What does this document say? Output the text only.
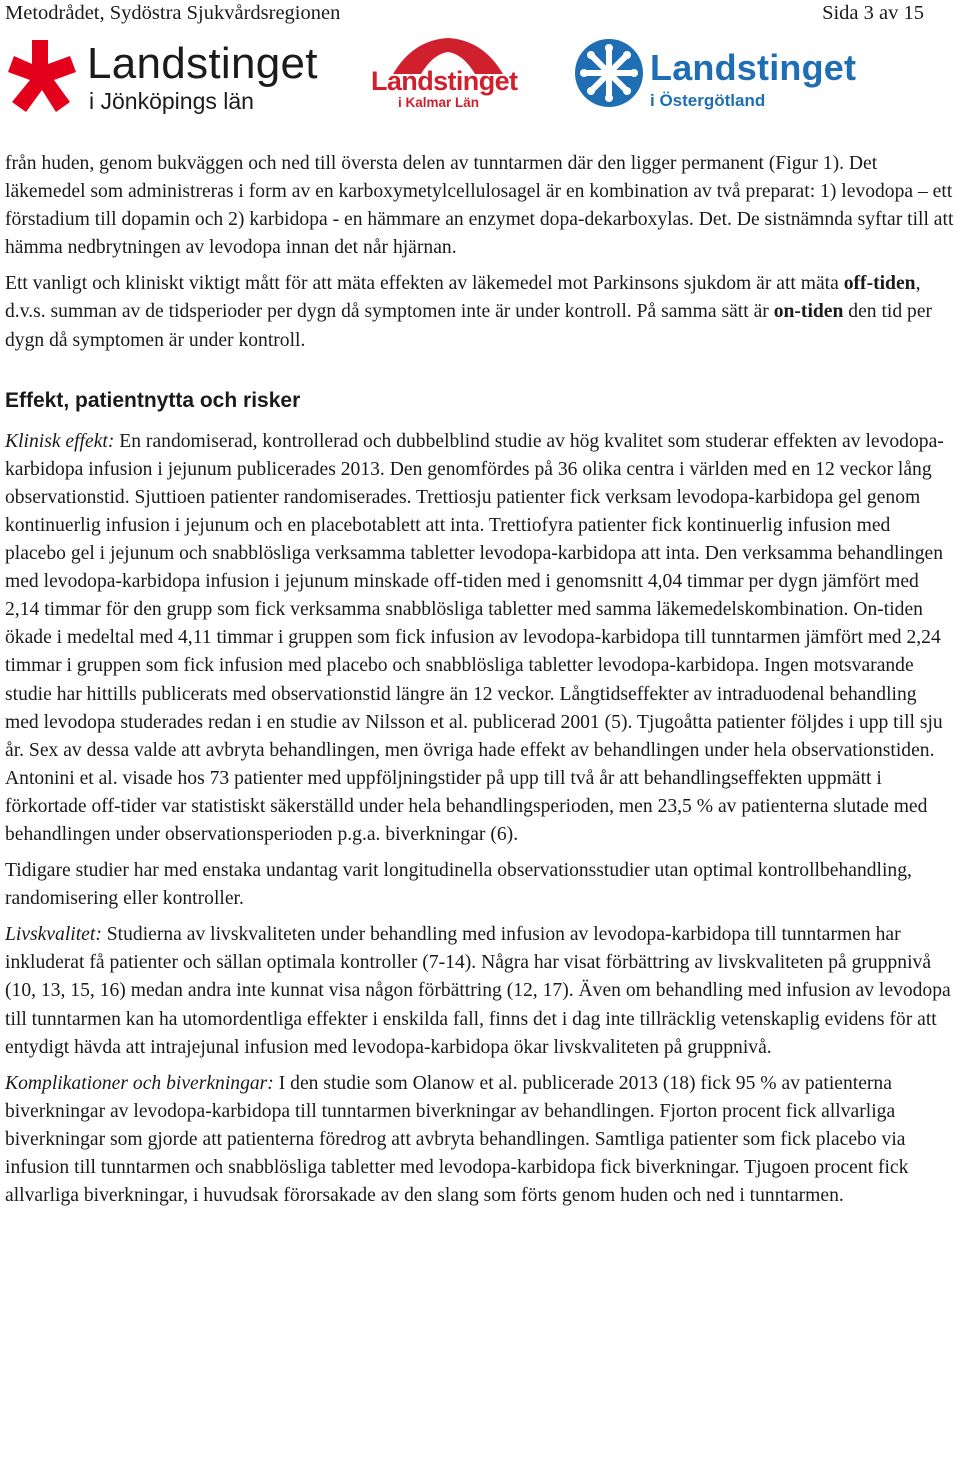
Metodrådet, Sydöstra Sjukvårdsregionen	Sida 3 av 15
Landstinget
i Jönköpings län
Landstinget
i Kalmar Län
Landstinget
i Östergötland

från huden, genom bukväggen och ned till översta delen av tunntarmen där den ligger permanent (Figur 1). Det läkemedel som administreras i form av en karboxymetylcellulosagel är en kombination av två preparat: 1) levodopa – ett förstadium till dopamin och 2) karbidopa - en hämmare an enzymet dopa-dekarboxylas. Det. De sistnämnda syftar till att hämma nedbrytningen av levodopa innan det når hjärnan.

Ett vanligt och kliniskt viktigt mått för att mäta effekten av läkemedel mot Parkinsons sjukdom är att mäta off-tiden, d.v.s. summan av de tidsperioder per dygn då symptomen inte är under kontroll. På samma sätt är on-tiden den tid per dygn då symptomen är under kontroll.

Effekt, patientnytta och risker

Klinisk effekt: En randomiserad, kontrollerad och dubbelblind studie av hög kvalitet som studerar effekten av levodopa-karbidopa infusion i jejunum publicerades 2013. Den genomfördes på 36 olika centra i världen med en 12 veckor lång observationstid. Sjuttioen patienter randomiserades. Trettiosju patienter fick verksam levodopa-karbidopa gel genom kontinuerlig infusion i jejunum och en placebotablett att inta. Trettiofyra patienter fick kontinuerlig infusion med placebo gel i jejunum och snabblösliga verksamma tabletter levodopa-karbidopa att inta. Den verksamma behandlingen med levodopa-karbidopa infusion i jejunum minskade off-tiden med i genomsnitt 4,04 timmar per dygn jämfört med 2,14 timmar för den grupp som fick verksamma snabblösliga tabletter med samma läkemedelskombination. On-tiden ökade i medeltal med 4,11 timmar i gruppen som fick infusion av levodopa-karbidopa till tunntarmen jämfört med 2,24 timmar i gruppen som fick infusion med placebo och snabblösliga tabletter levodopa-karbidopa. Ingen motsvarande studie har hittills publicerats med observationstid längre än 12 veckor. Långtidseffekter av intraduodenal behandling med levodopa studerades redan i en studie av Nilsson et al. publicerad 2001 (5). Tjugoåtta patienter följdes i upp till sju år. Sex av dessa valde att avbryta behandlingen, men övriga hade effekt av behandlingen under hela observationstiden. Antonini et al. visade hos 73 patienter med uppföljningstider på upp till två år att behandlingseffekten uppmätt i förkortade off-tider var statistiskt säkerställd under hela behandlingsperioden, men 23,5 % av patienterna slutade med behandlingen under observationsperioden p.g.a. biverkningar (6).

Tidigare studier har med enstaka undantag varit longitudinella observationsstudier utan optimal kontrollbehandling, randomisering eller kontroller.

Livskvalitet: Studierna av livskvaliteten under behandling med infusion av levodopa-karbidopa till tunntarmen har inkluderat få patienter och sällan optimala kontroller (7-14). Några har visat förbättring av livskvaliteten på gruppnivå (10, 13, 15, 16) medan andra inte kunnat visa någon förbättring (12, 17). Även om behandling med infusion av levodopa till tunntarmen kan ha utomordentliga effekter i enskilda fall, finns det i dag inte tillräcklig vetenskaplig evidens för att entydigt hävda att intrajejunal infusion med levodopa-karbidopa ökar livskvaliteten på gruppnivå.

Komplikationer och biverkningar: I den studie som Olanow et al. publicerade 2013 (18) fick 95 % av patienterna biverkningar av levodopa-karbidopa till tunntarmen biverkningar av behandlingen. Fjorton procent fick allvarliga biverkningar som gjorde att patienterna föredrog att avbryta behandlingen. Samtliga patienter som fick placebo via infusion till tunntarmen och snabblösliga tabletter med levodopa-karbidopa fick biverkningar. Tjugoen procent fick allvarliga biverkningar, i huvudsak förorsakade av den slang som förts genom huden och ned i tunntarmen.
